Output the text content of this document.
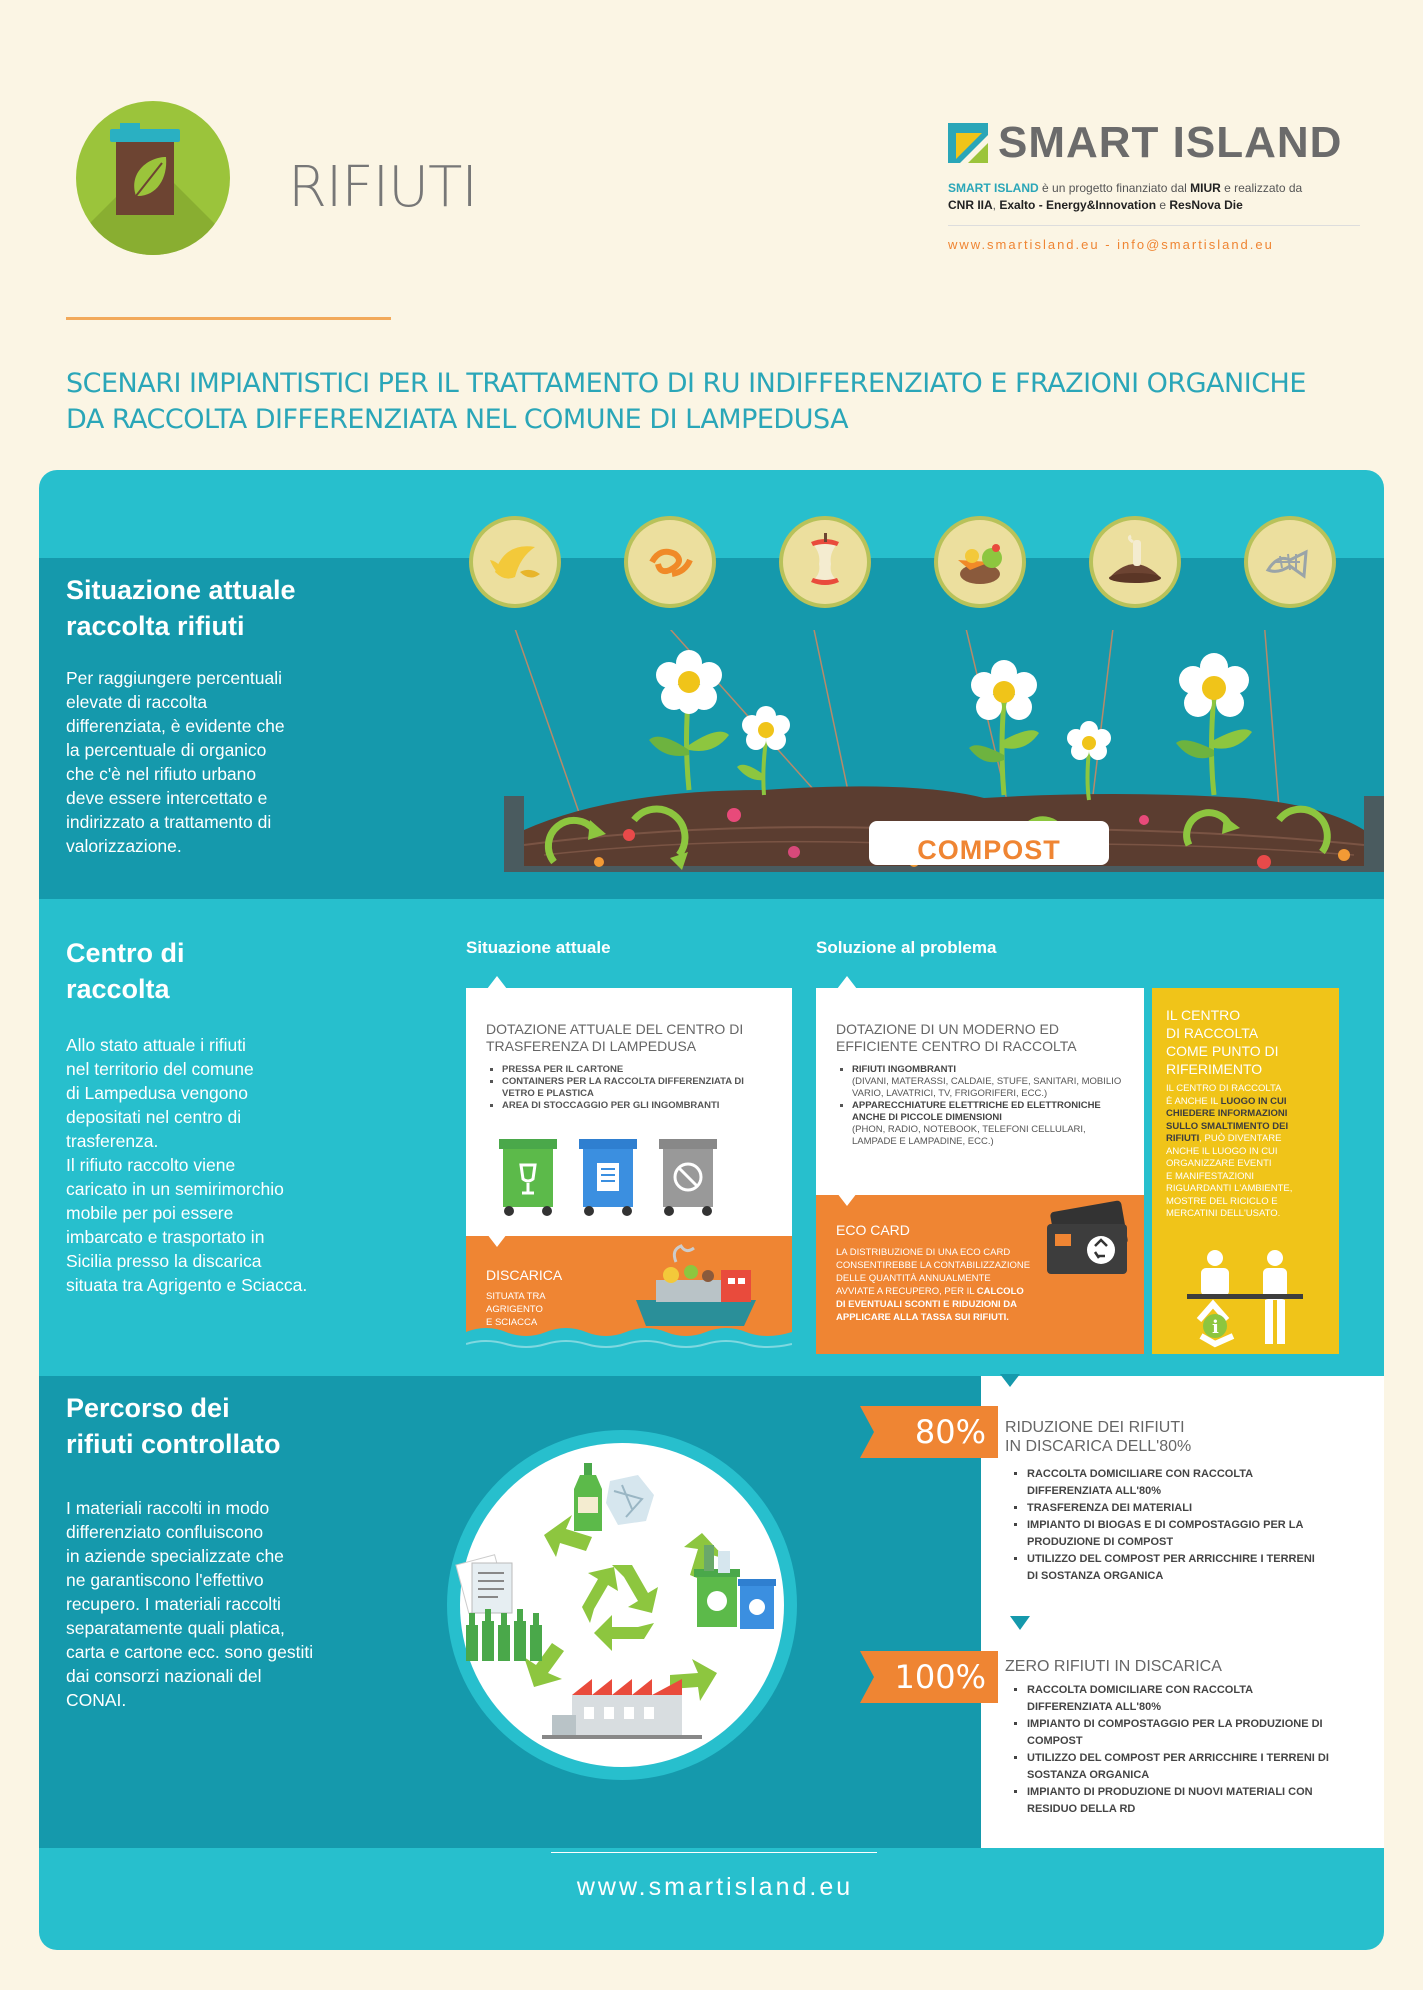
RIFIUTI
SMART ISLAND
SMART ISLAND è un progetto finanziato dal MIUR e realizzato da
CNR IIA, Exalto - Energy&Innovation e ResNova Die
www.smartisland.eu - info@smartisland.eu
SCENARI IMPIANTISTICI PER IL TRATTAMENTO DI RU INDIFFERENZIATO E FRAZIONI ORGANICHE
DA RACCOLTA DIFFERENZIATA NEL COMUNE DI LAMPEDUSA
COMPOST
Situazione attuale
raccolta rifiuti
Per raggiungere percentuali
elevate di raccolta
differenziata, è evidente che
la percentuale di organico
che c'è nel rifiuto urbano
deve essere intercettato e
indirizzato a trattamento di
valorizzazione.
Centro di
raccolta
Allo stato attuale i rifiuti
nel territorio del comune
di Lampedusa vengono
depositati nel centro di
trasferenza.
Il rifiuto raccolto viene
caricato in un semirimorchio
mobile per poi essere
imbarcato e trasportato in
Sicilia presso la discarica
situata tra Agrigento e Sciacca.
Situazione attuale	Soluzione al problema
DOTAZIONE ATTUALE DEL CENTRO DI
TRASFERENZA DI LAMPEDUSA
▪ PRESSA PER IL CARTONE
▪ CONTAINERS PER LA RACCOLTA DIFFERENZIATA DI
VETRO E PLASTICA
▪ AREA DI STOCCAGGIO PER GLI INGOMBRANTI
DISCARICA
SITUATA TRA
AGRIGENTO
E SCIACCA
DOTAZIONE DI UN MODERNO ED
EFFICIENTE CENTRO DI RACCOLTA
▪ RIFIUTI INGOMBRANTI
(DIVANI, MATERASSI, CALDAIE, STUFE, SANITARI, MOBILIO
VARIO, LAVATRICI, TV, FRIGORIFERI, ECC.)
▪ APPARECCHIATURE ELETTRICHE ED ELETTRONICHE
ANCHE DI PICCOLE DIMENSIONI
(PHON, RADIO, NOTEBOOK, TELEFONI CELLULARI,
LAMPADE E LAMPADINE, ECC.)
ECO CARD
LA DISTRIBUZIONE DI UNA ECO CARD
CONSENTIREBBE LA CONTABILIZZAZIONE
DELLE QUANTITÀ ANNUALMENTE
AVVIATE A RECUPERO, PER IL CALCOLO
DI EVENTUALI SCONTI E RIDUZIONI DA
APPLICARE ALLA TASSA SUI RIFIUTI.
IL CENTRO
DI RACCOLTA
COME PUNTO DI
RIFERIMENTO
IL CENTRO DI RACCOLTA
È ANCHE IL LUOGO IN CUI
CHIEDERE INFORMAZIONI
SULLO SMALTIMENTO DEI
RIFIUTI, PUÒ DIVENTARE
ANCHE IL LUOGO IN CUI
ORGANIZZARE EVENTI
E MANIFESTAZIONI
RIGUARDANTI L'AMBIENTE,
MOSTRE DEL RICICLO E
MERCATINI DELL'USATO.
i
Percorso dei
rifiuti controllato
I materiali raccolti in modo
differenziato confluiscono
in aziende specializzate che
ne garantiscono l'effettivo
recupero. I materiali raccolti
separatamente quali platica,
carta e cartone ecc. sono gestiti
dai consorzi nazionali del
CONAI.
80%	RIDUZIONE DEI RIFIUTI
IN DISCARICA DELL'80%
▪ RACCOLTA DOMICILIARE CON RACCOLTA
DIFFERENZIATA ALL'80%
▪ TRASFERENZA DEI MATERIALI
▪ IMPIANTO DI BIOGAS E DI COMPOSTAGGIO PER LA
PRODUZIONE DI COMPOST
▪ UTILIZZO DEL COMPOST PER ARRICCHIRE I TERRENI
DI SOSTANZA ORGANICA
100%	ZERO RIFIUTI IN DISCARICA
▪ RACCOLTA DOMICILIARE CON RACCOLTA
DIFFERENZIATA ALL'80%
▪ IMPIANTO DI COMPOSTAGGIO PER LA PRODUZIONE DI
COMPOST
▪ UTILIZZO DEL COMPOST PER ARRICCHIRE I TERRENI DI
SOSTANZA ORGANICA
▪ IMPIANTO DI PRODUZIONE DI NUOVI MATERIALI CON
RESIDUO DELLA RD
www.smartisland.eu
